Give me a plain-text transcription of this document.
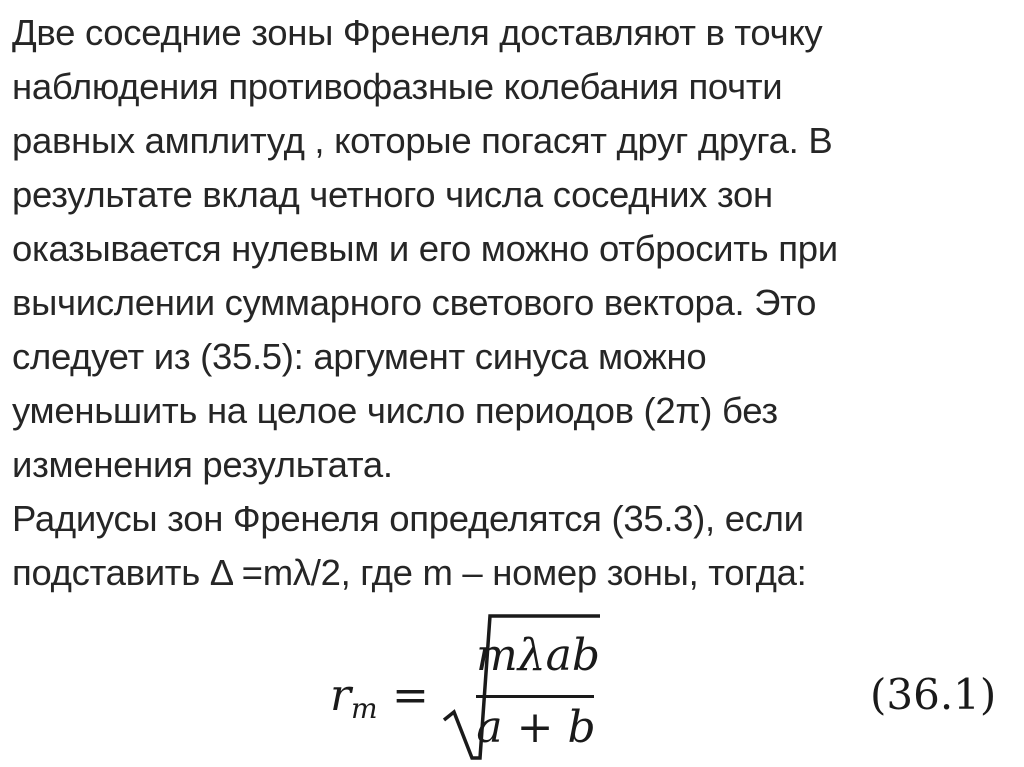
Две соседние зоны Френеля доставляют в точку
наблюдения противофазные колебания почти
равных амплитуд , которые погасят друг друга. В
результате вклад четного числа соседних зон
оказывается нулевым и его можно отбросить при
вычислении суммарного светового вектора. Это
следует из (35.5): аргумент синуса можно
уменьшить на целое число периодов (2π) без
изменения результата.

Радиусы зон Френеля определятся (35.3), если
подставить Δ =mλ/2, где m – номер зоны, тогда:

$r_m$ =
mλab
a + b
(36.1)
